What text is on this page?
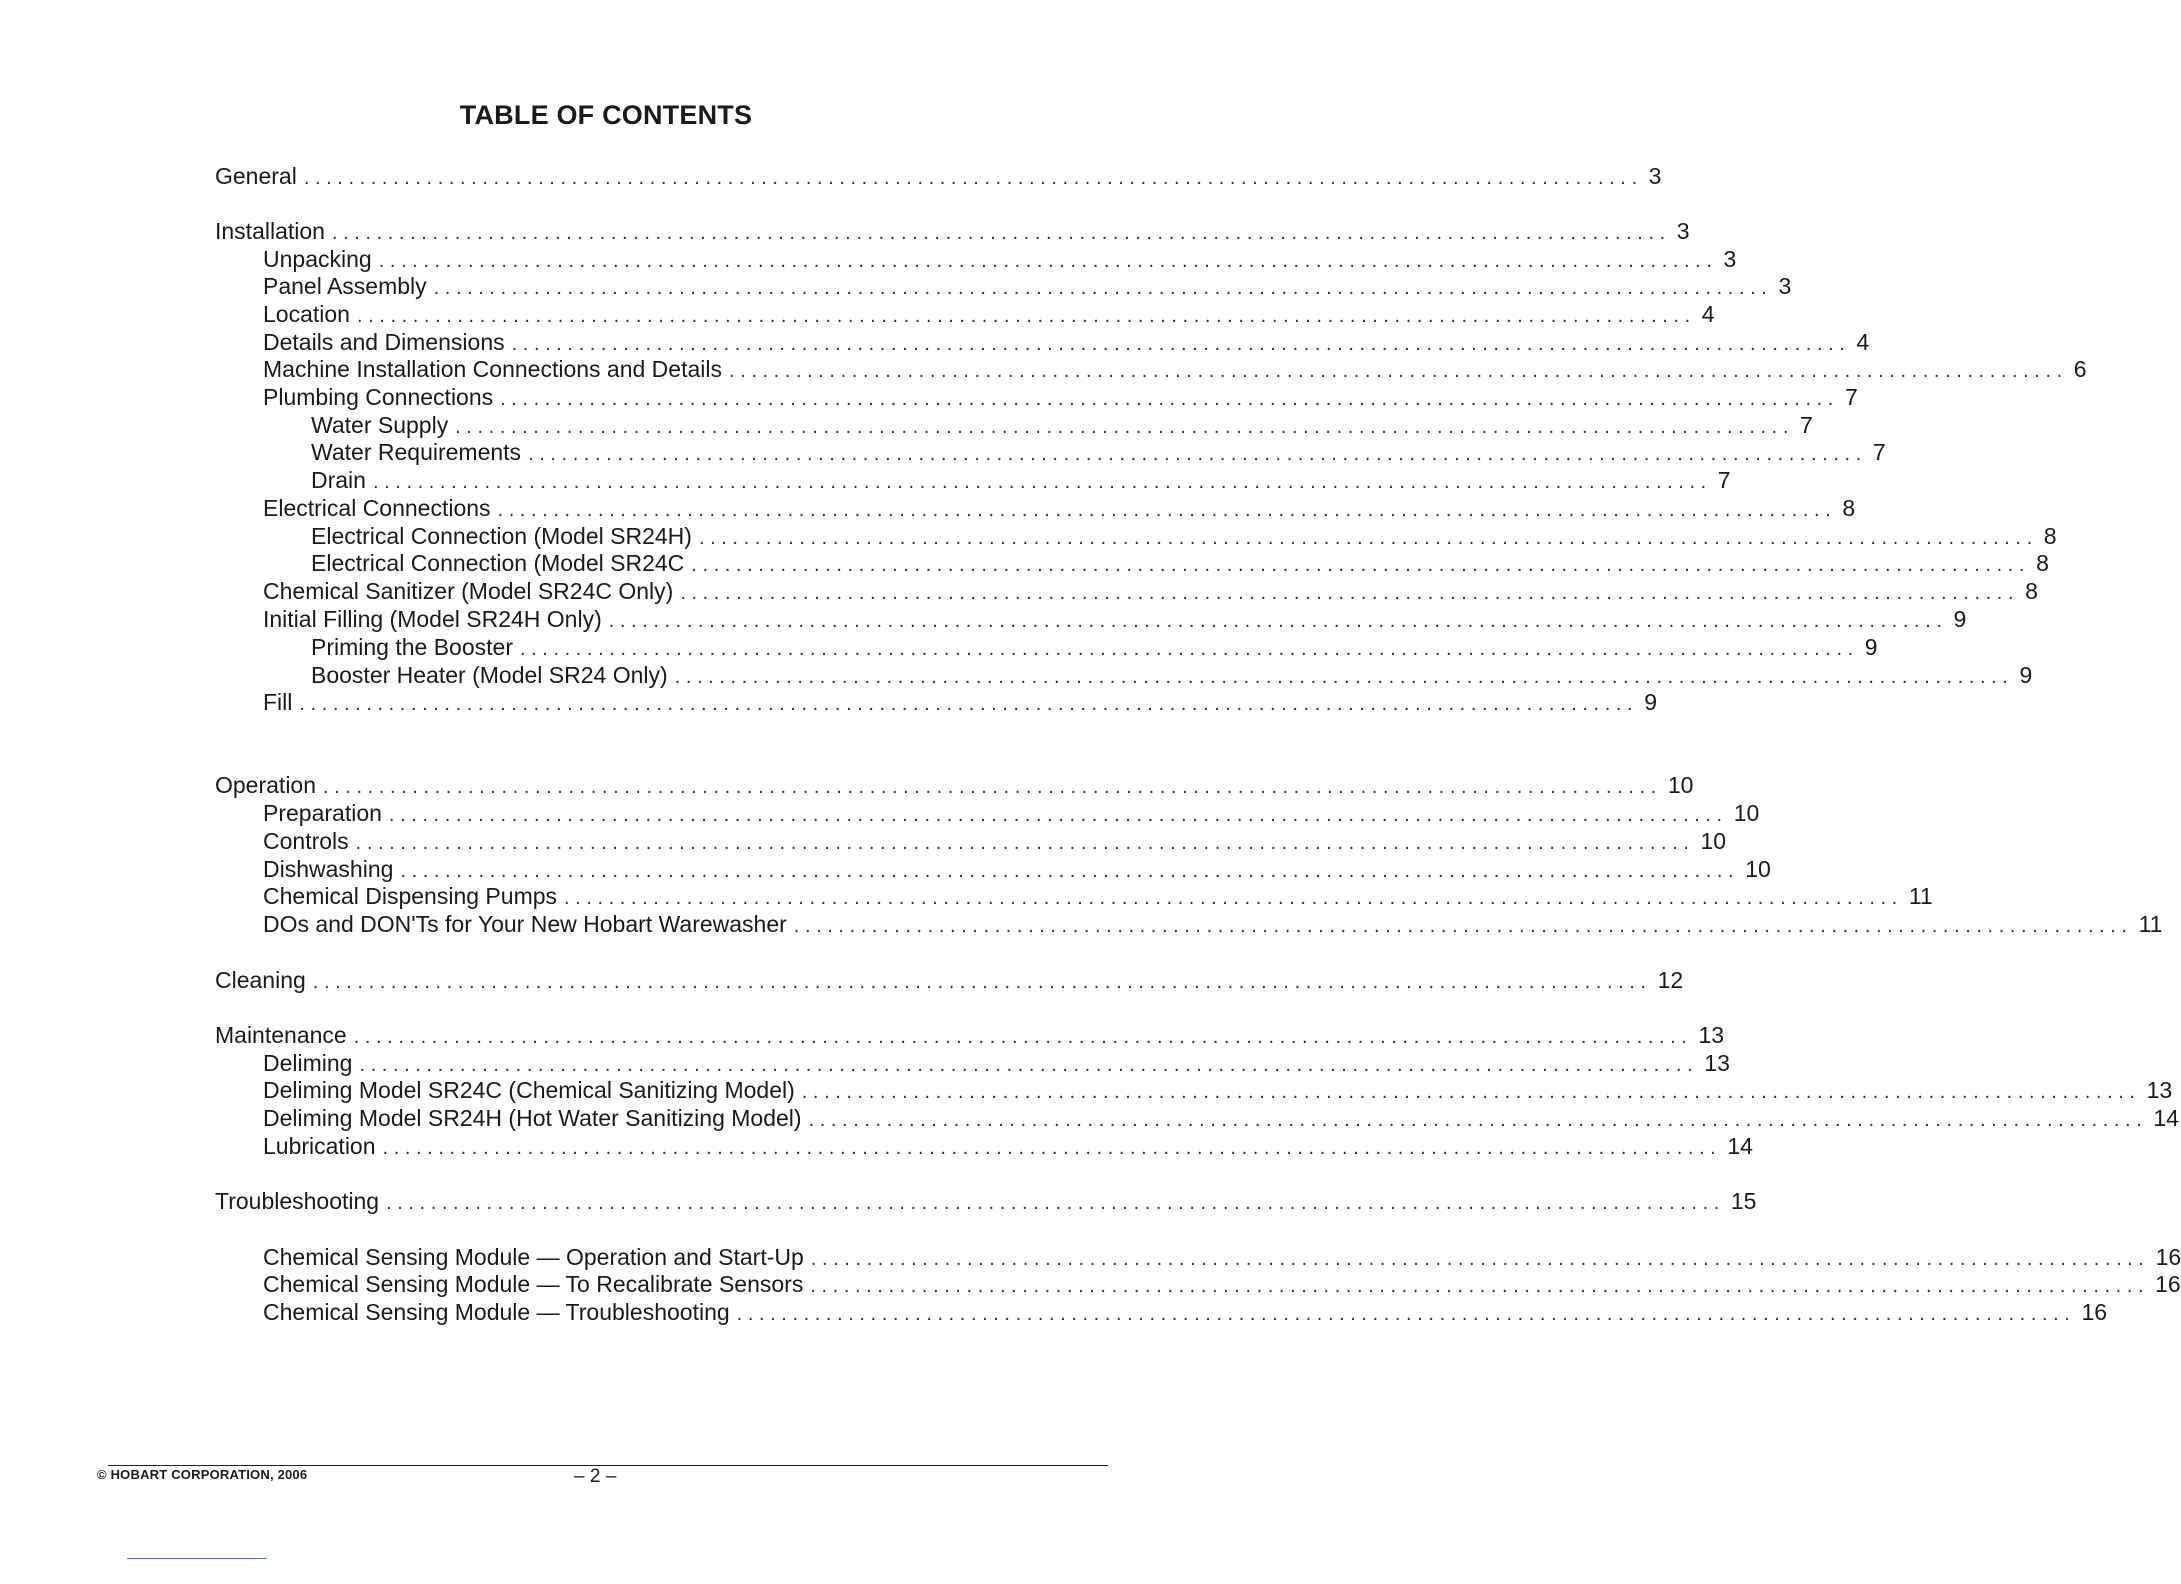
TABLE OF CONTENTS
General ........................................................................................................................ 3
Installation ........................................................................................................................ 3
Unpacking ........................................................................................................................ 3
Panel Assembly ........................................................................................................................ 3
Location ........................................................................................................................ 4
Details and Dimensions ........................................................................................................................ 4
Machine Installation Connections and Details ........................................................................................................................ 6
Plumbing Connections ........................................................................................................................ 7
Water Supply ........................................................................................................................ 7
Water Requirements ........................................................................................................................ 7
Drain ........................................................................................................................ 7
Electrical Connections ........................................................................................................................ 8
Electrical Connection (Model SR24H) ........................................................................................................................ 8
Electrical Connection (Model SR24C ........................................................................................................................ 8
Chemical Sanitizer (Model SR24C Only) ........................................................................................................................ 8
Initial Filling (Model SR24H Only) ........................................................................................................................ 9
Priming the Booster ........................................................................................................................ 9
Booster Heater (Model SR24 Only) ........................................................................................................................ 9
Fill ........................................................................................................................ 9
Operation ........................................................................................................................ 10
Preparation ........................................................................................................................ 10
Controls ........................................................................................................................ 10
Dishwashing ........................................................................................................................ 10
Chemical Dispensing Pumps ........................................................................................................................ 11
DOs and DON'Ts for Your New Hobart Warewasher ........................................................................................................................ 11
Cleaning ........................................................................................................................ 12
Maintenance ........................................................................................................................ 13
Deliming ........................................................................................................................ 13
Deliming Model SR24C (Chemical Sanitizing Model) ........................................................................................................................ 13
Deliming Model SR24H (Hot Water Sanitizing Model) ........................................................................................................................ 14
Lubrication ........................................................................................................................ 14
Troubleshooting ........................................................................................................................ 15
Chemical Sensing Module — Operation and Start-Up ........................................................................................................................ 16
Chemical Sensing Module — To Recalibrate Sensors ........................................................................................................................ 16
Chemical Sensing Module — Troubleshooting ........................................................................................................................ 16
© HOBART CORPORATION, 2006	– 2 –
